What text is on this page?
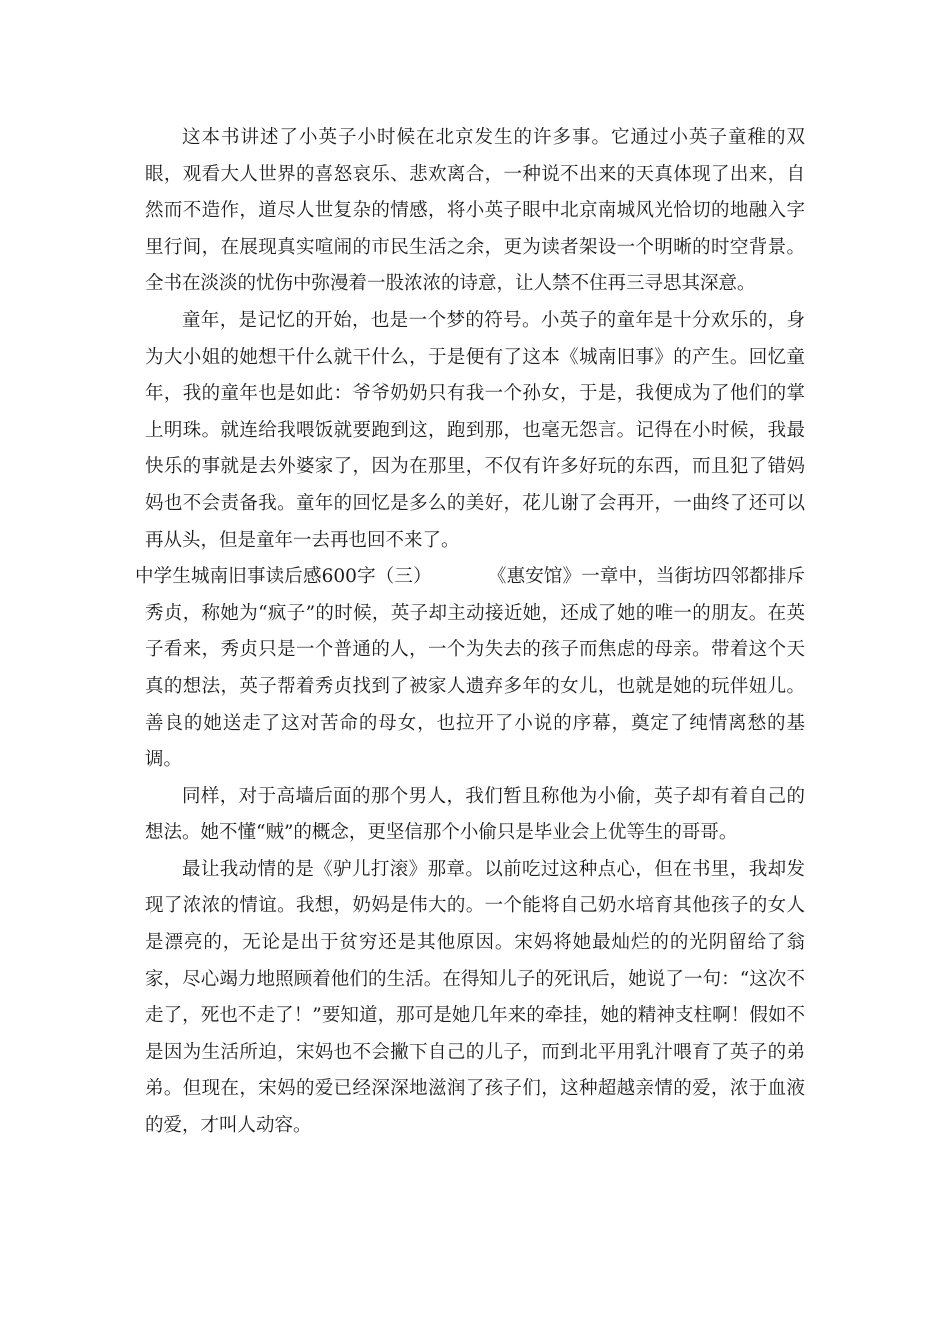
这本书讲述了小英子小时候在北京发生的许多事。它通过小英子童稚的双眼，观看大人世界的喜怒哀乐、悲欢离合，一种说不出来的天真体现了出来，自然而不造作，道尽人世复杂的情感，将小英子眼中北京南城风光恰切的地融入字里行间，在展现真实喧闹的市民生活之余，更为读者架设一个明晰的时空背景。全书在淡淡的忧伤中弥漫着一股浓浓的诗意，让人禁不住再三寻思其深意。

童年，是记忆的开始，也是一个梦的符号。小英子的童年是十分欢乐的，身为大小姐的她想干什么就干什么，于是便有了这本《城南旧事》的产生。回忆童年，我的童年也是如此：爷爷奶奶只有我一个孙女，于是，我便成为了他们的掌上明珠。就连给我喂饭就要跑到这，跑到那，也毫无怨言。记得在小时候，我最快乐的事就是去外婆家了，因为在那里，不仅有许多好玩的东西，而且犯了错妈妈也不会责备我。童年的回忆是多么的美好，花儿谢了会再开，一曲终了还可以再从头，但是童年一去再也回不来了。

中学生城南旧事读后感600字（三）	《惠安馆》一章中，当街坊四邻都排斥秀贞，称她为“疯子”的时候，英子却主动接近她，还成了她的唯一的朋友。在英子看来，秀贞只是一个普通的人，一个为失去的孩子而焦虑的母亲。带着这个天真的想法，英子帮着秀贞找到了被家人遗弃多年的女儿，也就是她的玩伴妞儿。善良的她送走了这对苦命的母女，也拉开了小说的序幕，奠定了纯情离愁的基调。

同样，对于高墙后面的那个男人，我们暂且称他为小偷，英子却有着自己的想法。她不懂“贼”的概念，更坚信那个小偷只是毕业会上优等生的哥哥。

最让我动情的是《驴儿打滚》那章。以前吃过这种点心，但在书里，我却发现了浓浓的情谊。我想，奶妈是伟大的。一个能将自己奶水培育其他孩子的女人是漂亮的，无论是出于贫穷还是其他原因。宋妈将她最灿烂的的光阴留给了翁家，尽心竭力地照顾着他们的生活。在得知儿子的死讯后，她说了一句：“这次不走了，死也不走了！”要知道，那可是她几年来的牵挂，她的精神支柱啊！假如不是因为生活所迫，宋妈也不会撇下自己的儿子，而到北平用乳汁喂育了英子的弟弟。但现在，宋妈的爱已经深深地滋润了孩子们，这种超越亲情的爱，浓于血液的爱，才叫人动容。
